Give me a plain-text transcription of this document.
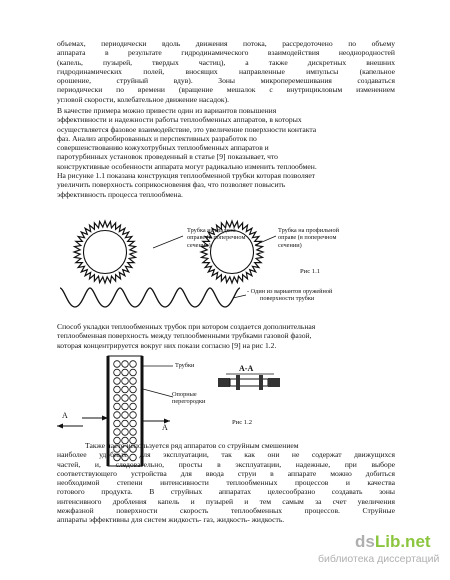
объемах, периодически вдоль движения потока, рассредоточено по объему
аппарата в результате гидродинамического взаимодействия неоднородностей
(капель, пузырей, твердых частиц), а также дискретных внешних
гидродинамических полей, вносящих направленные импульсы (капельное
орошение, струйный вдув). Зоны микроперемешивания создаваться
периодически по времени (вращение мешалок с внутрицикловым изменением
угловой скорости, колебательное движение насадок).
В качестве примера можно привести один из вариантов повышения
эффективности и надежности работы теплообменных аппаратов, в которых
осуществляется фазовое взаимодействие, это увеличение поверхности контакта
фаз. Анализ апробированных и перспективных разработок по
совершенствованию кожухотрубных теплообменных аппаратов и
паротурбинных установок проведенный в статье [9] показывает, что
конструктивные особенности аппарата могут радикально изменить теплообмен.
На рисунке 1.1 показана конструкция теплообменной трубки которая позволяет
увеличить поверхность соприкосновения фаз, что позволяет повысить
эффективность процесса теплообмена.
Трубка на гладкой
оправе (в поперечном
сечении)
Трубка на профильной
оправе (в поперечном
сечении)
Рис 1.1
- Один из вариантов оружейной
поверхности трубки
Способ укладки теплообменных трубок при котором создается дополнительная
теплообменная поверхность между теплообменными трубками газовой фазой,
которая концентрируется вокруг них покази согласно [9] на рис 1.2.
Трубки
Опорные
перегородки
A-A
A
A
Рис 1.2
Также часто используется ряд аппаратов со струйным смешением
наиболее удобных для эксплуатации, так как они не содержат движущихся
частей, и, следовательно, просты в эксплуатации, надежные, при выборе
соответствующего устройства для ввода струи в аппарате можно добиться
необходимой степени интенсивности теплообменных процессов и качества
готового продукта. В струйных аппаратах целесообразно создавать зоны
интенсивного дробления капель и пузырей и тем самым за счет увеличения
межфазной поверхности скорость теплообменных процессов. Струйные
аппараты эффективны для систем жидкость- газ, жидкость- жидкость.
dsLib.net
библиотека диссертаций
